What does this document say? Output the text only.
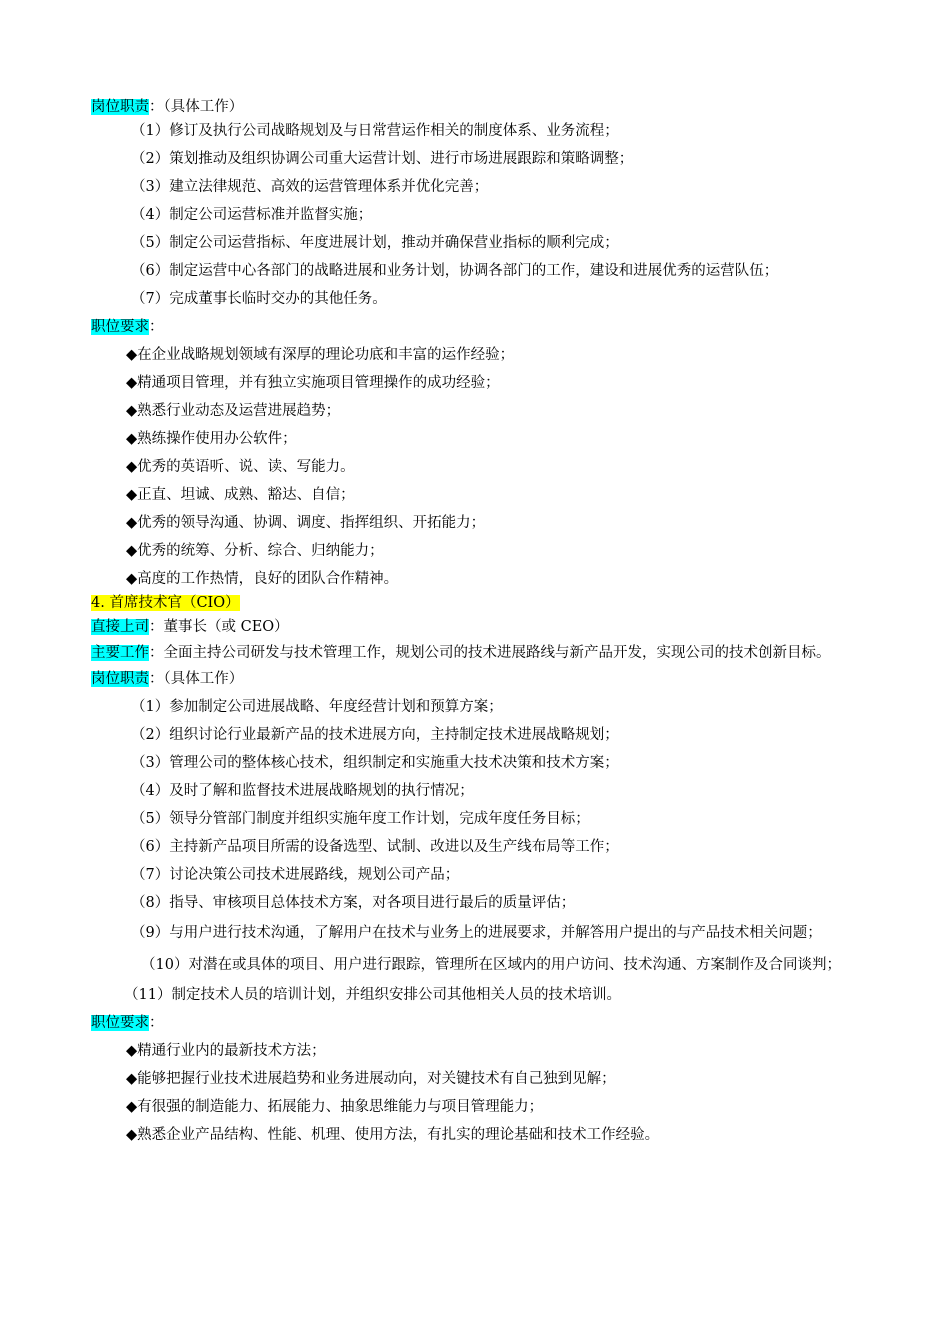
岗位职责：（具体工作）
（1）修订及执行公司战略规划及与日常营运作相关的制度体系、业务流程；
（2）策划推动及组织协调公司重大运营计划、进行市场进展跟踪和策略调整；
（3）建立法律规范、高效的运营管理体系并优化完善；
（4）制定公司运营标准并监督实施；
（5）制定公司运营指标、年度进展计划，推动并确保营业指标的顺利完成；
（6）制定运营中心各部门的战略进展和业务计划，协调各部门的工作，建设和进展优秀的运营队伍；
（7）完成董事长临时交办的其他任务。
职位要求：
◆在企业战略规划领域有深厚的理论功底和丰富的运作经验；
◆精通项目管理，并有独立实施项目管理操作的成功经验；
◆熟悉行业动态及运营进展趋势；
◆熟练操作使用办公软件；
◆优秀的英语听、说、读、写能力。
◆正直、坦诚、成熟、豁达、自信；
◆优秀的领导沟通、协调、调度、指挥组织、开拓能力；
◆优秀的统筹、分析、综合、归纳能力；
◆高度的工作热情，良好的团队合作精神。
4. 首席技术官（CIO）
直接上司：董事长（或 CEO）
主要工作：全面主持公司研发与技术管理工作，规划公司的技术进展路线与新产品开发，实现公司的技术创新目标。
岗位职责：（具体工作）
（1）参加制定公司进展战略、年度经营计划和预算方案；
（2）组织讨论行业最新产品的技术进展方向，主持制定技术进展战略规划；
（3）管理公司的整体核心技术，组织制定和实施重大技术决策和技术方案；
（4）及时了解和监督技术进展战略规划的执行情况；
（5）领导分管部门制度并组织实施年度工作计划，完成年度任务目标；
（6）主持新产品项目所需的设备选型、试制、改进以及生产线布局等工作；
（7）讨论决策公司技术进展路线，规划公司产品；
（8）指导、审核项目总体技术方案，对各项目进行最后的质量评估；
（9）与用户进行技术沟通，了解用户在技术与业务上的进展要求，并解答用户提出的与产品技术相关问题；
（10）对潜在或具体的项目、用户进行跟踪，管理所在区域内的用户访问、技术沟通、方案制作及合同谈判；
（11）制定技术人员的培训计划，并组织安排公司其他相关人员的技术培训。
职位要求：
◆精通行业内的最新技术方法；
◆能够把握行业技术进展趋势和业务进展动向，对关键技术有自己独到见解；
◆有很强的制造能力、拓展能力、抽象思维能力与项目管理能力；
◆熟悉企业产品结构、性能、机理、使用方法，有扎实的理论基础和技术工作经验。
